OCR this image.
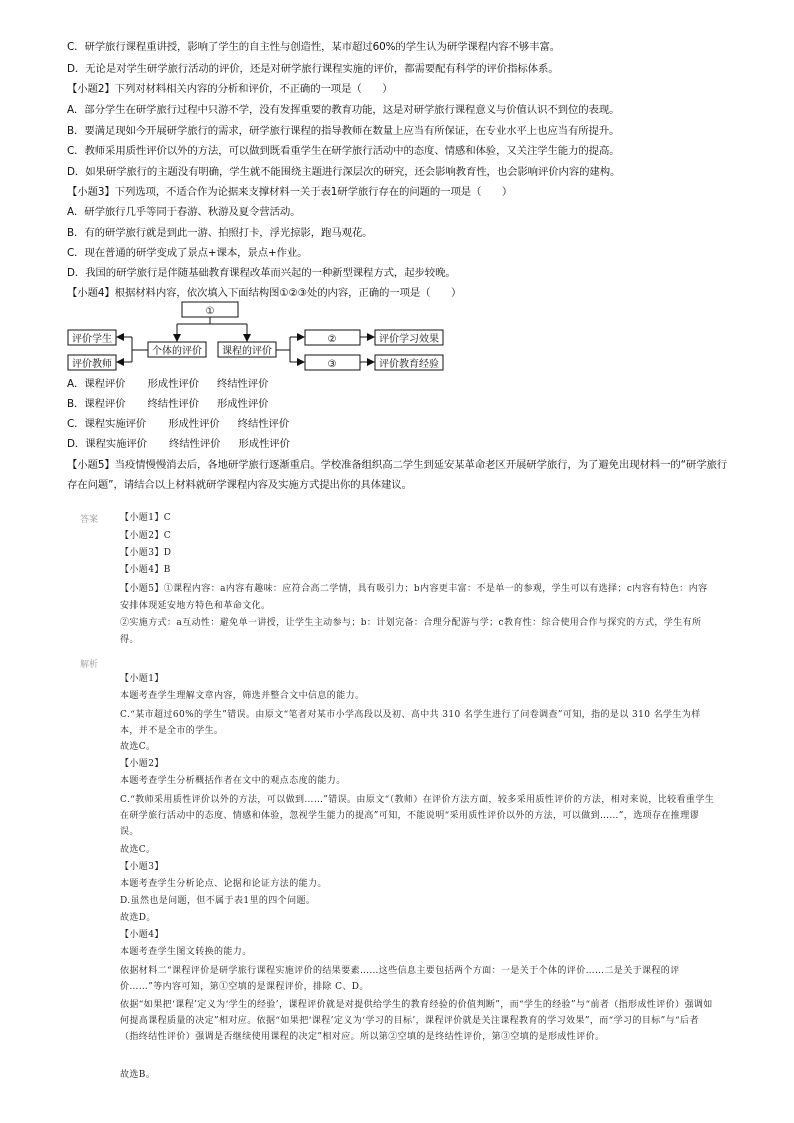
C．研学旅行课程重讲授，影响了学生的自主性与创造性，某市超过60%的学生认为研学课程内容不够丰富。
D．无论是对学生研学旅行活动的评价，还是对研学旅行课程实施的评价，都需要配有科学的评价指标体系。
【小题2】下列对材料相关内容的分析和评价，不正确的一项是（　　）
A．部分学生在研学旅行过程中只游不学，没有发挥重要的教育功能，这是对研学旅行课程意义与价值认识不到位的表现。
B．要满足现如今开展研学旅行的需求，研学旅行课程的指导教师在数量上应当有所保证，在专业水平上也应当有所提升。
C．教师采用质性评价以外的方法，可以做到既看重学生在研学旅行活动中的态度、情感和体验，又关注学生能力的提高。
D．如果研学旅行的主题没有明确，学生就不能围绕主题进行深层次的研究，还会影响教育性，也会影响评价内容的建构。
【小题3】下列选项，不适合作为论据来支撑材料一关于表1研学旅行存在的问题的一项是（　　）
A．研学旅行几乎等同于春游、秋游及夏令营活动。
B．有的研学旅行就是到此一游、拍照打卡，浮光掠影，跑马观花。
C．现在普通的研学变成了景点+课本，景点+作业。
D．我国的研学旅行是伴随基础教育课程改革而兴起的一种新型课程方式，起步较晚。
【小题4】根据材料内容，依次填入下面结构图①②③处的内容，正确的一项是（　　）
①
评价学生
评价教师
个体的评价 课程的评价
②
③
评价学习效果
评价教育经验
A．课程评价 形成性评价 终结性评价
B．课程评价 终结性评价 形成性评价
C．课程实施评价 形成性评价 终结性评价
D．课程实施评价 终结性评价 形成性评价
【小题5】当疫情慢慢消去后，各地研学旅行逐渐重启。学校准备组织高二学生到延安某革命老区开展研学旅行，为了避免出现材料一的“研学旅行
存在问题”，请结合以上材料就研学课程内容及实施方式提出你的具体建议。
答案 【小题1】C
【小题2】C
【小题3】D
【小题4】B
【小题5】①课程内容：a内容有趣味：应符合高二学情，具有吸引力；b内容更丰富：不是单一的参观，学生可以有选择；c内容有特色：内容安排体现延安地方特色和革命文化。
②实施方式：a互动性：避免单一讲授，让学生主动参与；b：计划完备：合理分配游与学；c教育性：综合使用合作与探究的方式，学生有所得。
解析
【小题1】
本题考查学生理解文章内容，筛选并整合文中信息的能力。
C.“某市超过60%的学生”错误。由原文“笔者对某市小学高段以及初、高中共 310 名学生进行了问卷调查”可知，指的是以 310 名学生为样本，并不是全市的学生。
故选C。
【小题2】
本题考查学生分析概括作者在文中的观点态度的能力。
C.“教师采用质性评价以外的方法，可以做到……”错误。由原文“（教师）在评价方法方面，较多采用质性评价的方法，相对来说，比较看重学生在研学旅行活动中的态度、情感和体验，忽视学生能力的提高”可知，不能说明“采用质性评价以外的方法，可以做到……”，选项存在推理谬误。
故选C。
【小题3】
本题考查学生分析论点、论据和论证方法的能力。
D.虽然也是问题，但不属于表1里的四个问题。
故选D。
【小题4】
本题考查学生图文转换的能力。
依据材料二“课程评价是研学旅行课程实施评价的结果要素……这些信息主要包括两个方面：一是关于个体的评价……二是关于课程的评价……”等内容可知，第①空填的是课程评价，排除 C、D。
依据“如果把‘课程’定义为‘学生的经验’，课程评价就是对提供给学生的教育经验的价值判断”，而“学生的经验”与“前者（指形成性评价）强调如何提高课程质量的决定”相对应。依据“如果把‘课程’定义为‘学习的目标’，课程评价就是关注课程教育的学习效果”，而“学习的目标”与“后者（指终结性评价）强调是否继续使用课程的决定”相对应。所以第②空填的是终结性评价，第③空填的是形成性评价。
故选B。
